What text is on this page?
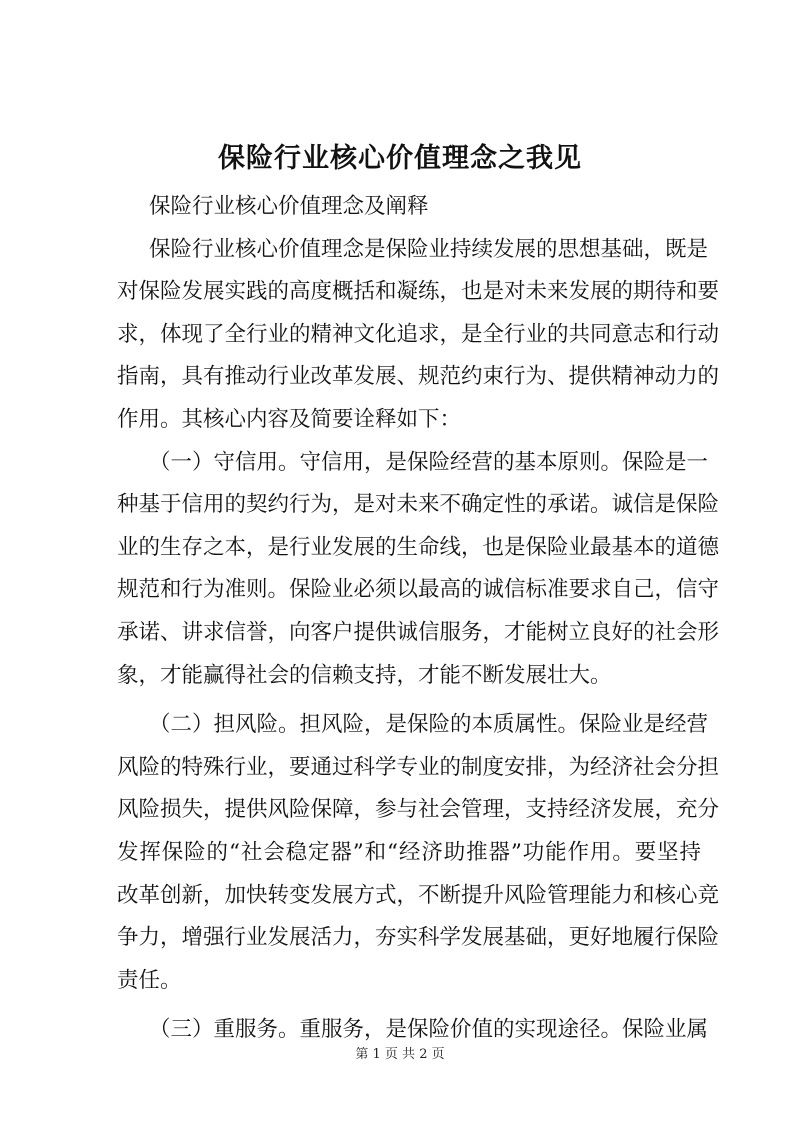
保险行业核心价值理念之我见
保险行业核心价值理念及阐释
保险行业核心价值理念是保险业持续发展的思想基础，既是
对保险发展实践的高度概括和凝练，也是对未来发展的期待和要
求，体现了全行业的精神文化追求，是全行业的共同意志和行动
指南，具有推动行业改革发展、规范约束行为、提供精神动力的
作用。其核心内容及简要诠释如下：
（一）守信用。守信用，是保险经营的基本原则。保险是一
种基于信用的契约行为，是对未来不确定性的承诺。诚信是保险
业的生存之本，是行业发展的生命线，也是保险业最基本的道德
规范和行为准则。保险业必须以最高的诚信标准要求自己，信守
承诺、讲求信誉，向客户提供诚信服务，才能树立良好的社会形
象，才能赢得社会的信赖支持，才能不断发展壮大。
（二）担风险。担风险，是保险的本质属性。保险业是经营
风险的特殊行业，要通过科学专业的制度安排，为经济社会分担
风险损失，提供风险保障，参与社会管理，支持经济发展，充分
发挥保险的“社会稳定器”和“经济助推器”功能作用。要坚持
改革创新，加快转变发展方式，不断提升风险管理能力和核心竞
争力，增强行业发展活力，夯实科学发展基础，更好地履行保险
责任。
（三）重服务。重服务，是保险价值的实现途径。保险业属
第 1 页 共 2 页
